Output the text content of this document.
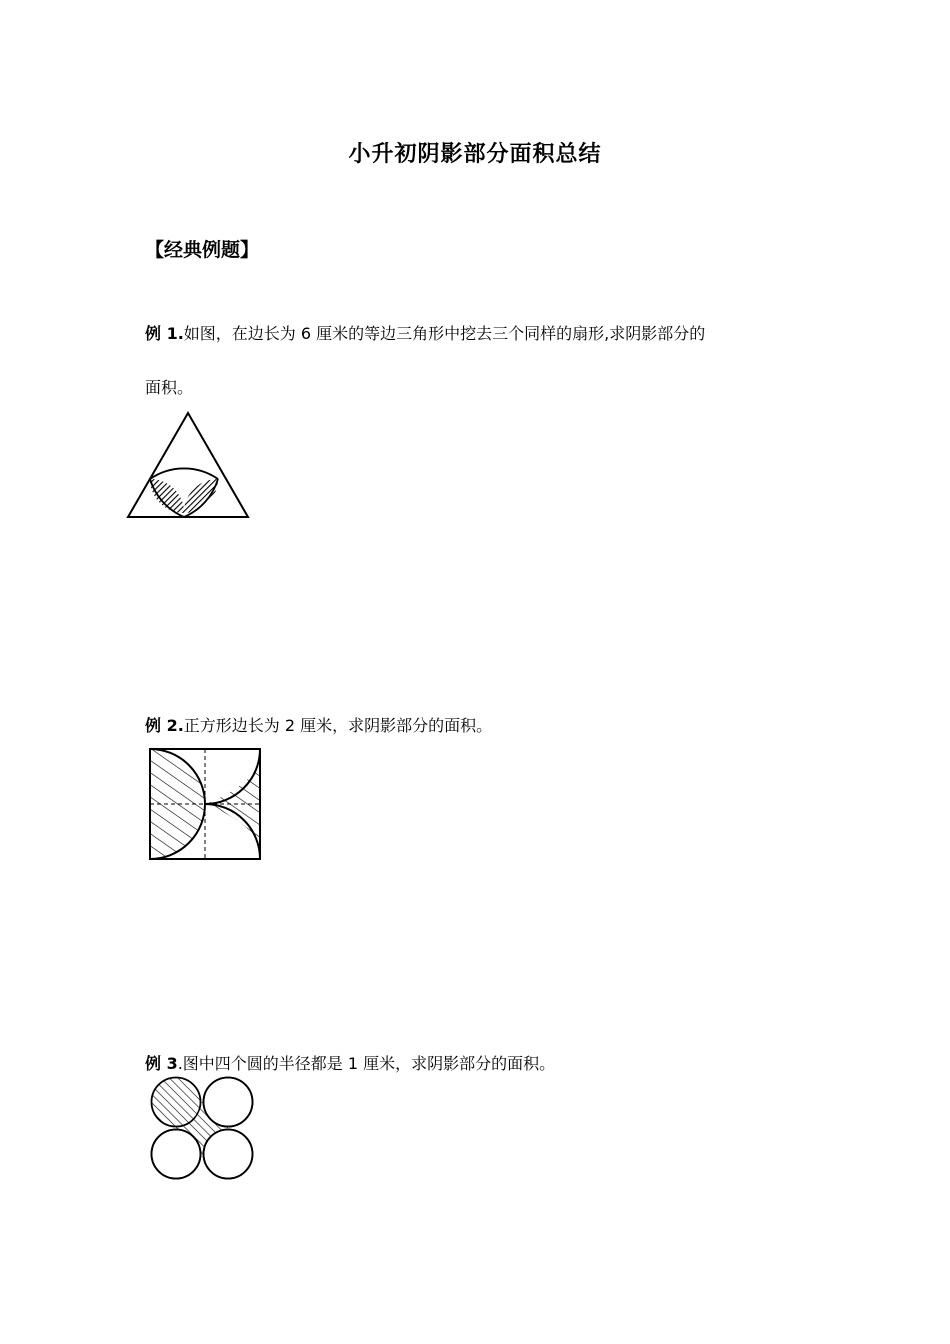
小升初阴影部分面积总结
【经典例题】
例 1.如图，在边长为 6 厘米的等边三角形中挖去三个同样的扇形,求阴影部分的
面积。
例 2.正方形边长为 2 厘米，求阴影部分的面积。
例 3.图中四个圆的半径都是 1 厘米，求阴影部分的面积。
